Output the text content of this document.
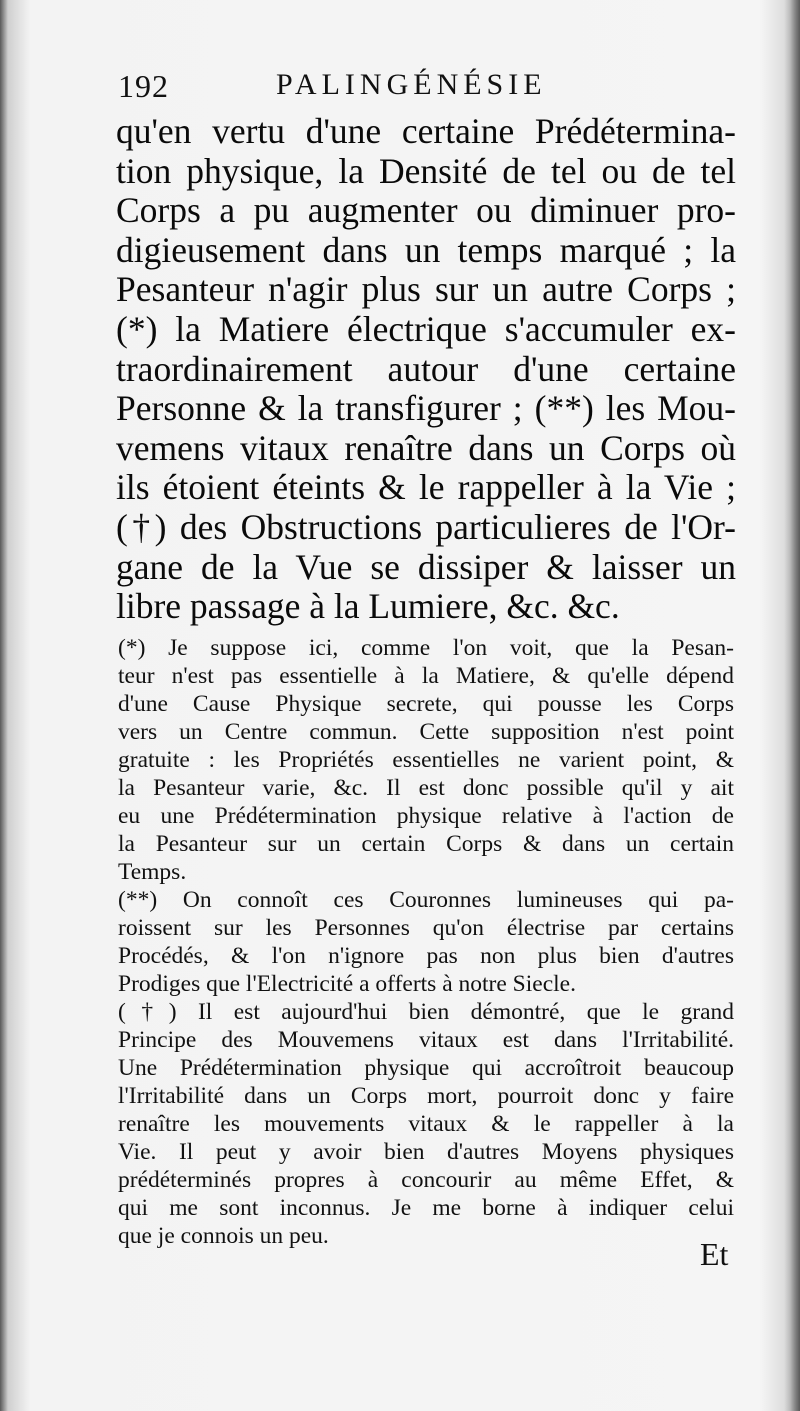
192	PALINGÉNÉSIE
qu'en vertu d'une certaine Prédétermina-
tion physique, la Densité de tel ou de tel
Corps a pu augmenter ou diminuer pro-
digieusement dans un temps marqué ; la
Pesanteur n'agir plus sur un autre Corps ;
(*) la Matiere électrique s'accumuler ex-
traordinairement autour d'une certaine
Personne & la transfigurer ; (**) les Mou-
vemens vitaux renaître dans un Corps où
ils étoient éteints & le rappeller à la Vie ;
(†) des Obstructions particulieres de l'Or-
gane de la Vue se dissiper & laisser un
libre passage à la Lumiere, &c. &c.
(*) Je suppose ici, comme l'on voit, que la Pesan-
teur n'est pas essentielle à la Matiere, & qu'elle dépend
d'une Cause Physique secrete, qui pousse les Corps
vers un Centre commun. Cette supposition n'est point
gratuite : les Propriétés essentielles ne varient point, &
la Pesanteur varie, &c. Il est donc possible qu'il y ait
eu une Prédétermination physique relative à l'action de
la Pesanteur sur un certain Corps & dans un certain
Temps.
(**) On connoît ces Couronnes lumineuses qui pa-
roissent sur les Personnes qu'on électrise par certains
Procédés, & l'on n'ignore pas non plus bien d'autres
Prodiges que l'Electricité a offerts à notre Siecle.
(†) Il est aujourd'hui bien démontré, que le grand
Principe des Mouvemens vitaux est dans l'Irritabilité.
Une Prédétermination physique qui accroîtroit beaucoup
l'Irritabilité dans un Corps mort, pourroit donc y faire
renaître les mouvements vitaux & le rappeller à la
Vie. Il peut y avoir bien d'autres Moyens physiques
prédéterminés propres à concourir au même Effet, &
qui me sont inconnus. Je me borne à indiquer celui
que je connois un peu.	Et
